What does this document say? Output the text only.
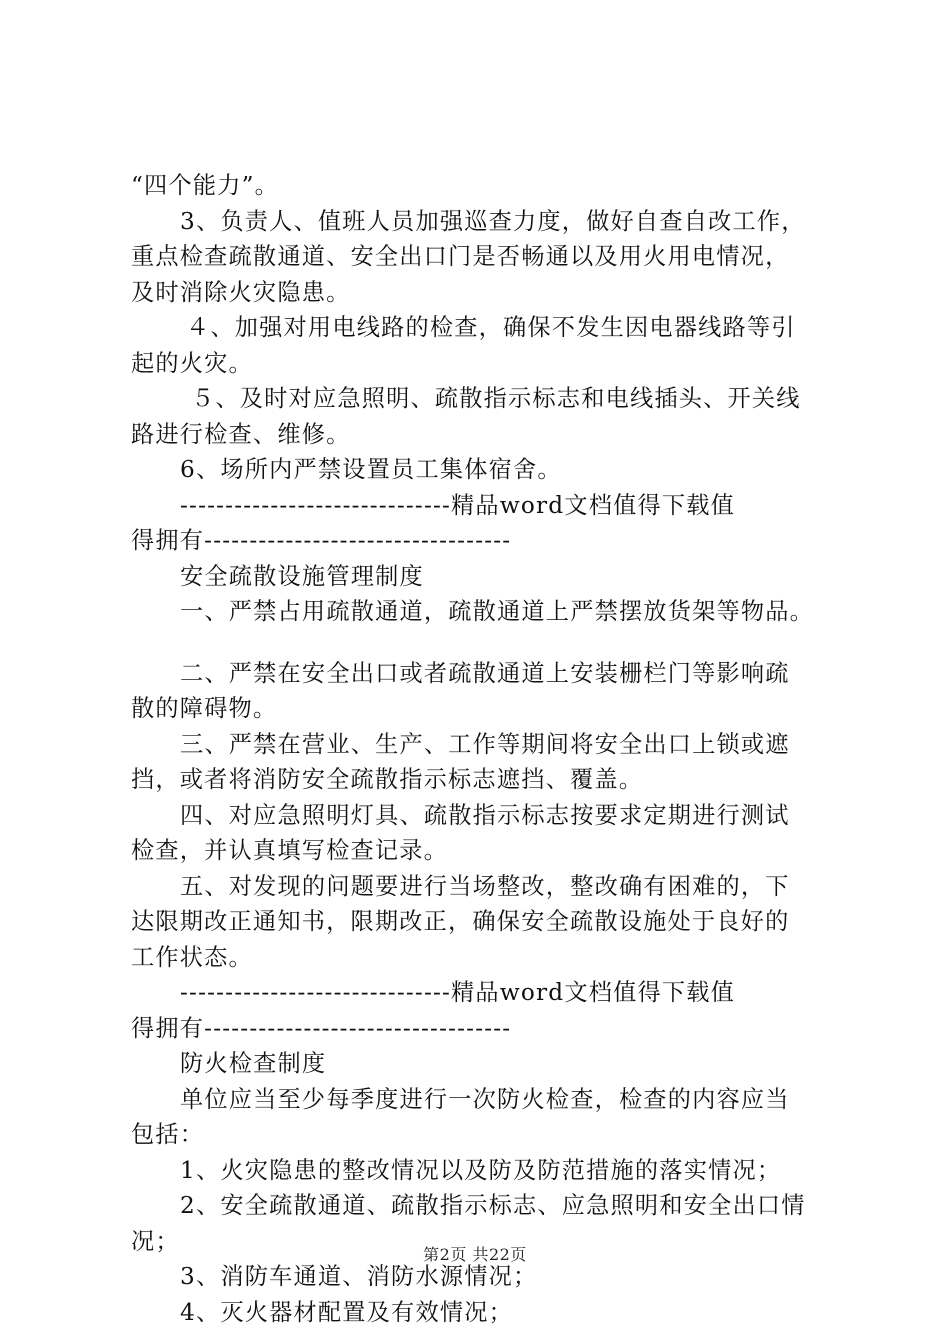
“四个能力”。
3、负责人、值班人员加强巡查力度，做好自查自改工作，
重点检查疏散通道、安全出口门是否畅通以及用火用电情况，
及时消除火灾隐患。
４、加强对用电线路的检查，确保不发生因电器线路等引
起的火灾。
５、及时对应急照明、疏散指示标志和电线插头、开关线
路进行检查、维修。
6、场所内严禁设置员工集体宿舍。
------------------------------精品word文档值得下载值
得拥有----------------------------------
安全疏散设施管理制度
一、严禁占用疏散通道，疏散通道上严禁摆放货架等物品。
二、严禁在安全出口或者疏散通道上安装栅栏门等影响疏
散的障碍物。
三、严禁在营业、生产、工作等期间将安全出口上锁或遮
挡，或者将消防安全疏散指示标志遮挡、覆盖。
四、对应急照明灯具、疏散指示标志按要求定期进行测试
检查，并认真填写检查记录。
五、对发现的问题要进行当场整改，整改确有困难的，下
达限期改正通知书，限期改正，确保安全疏散设施处于良好的
工作状态。
------------------------------精品word文档值得下载值
得拥有----------------------------------
防火检查制度
单位应当至少每季度进行一次防火检查，检查的内容应当
包括：
1、火灾隐患的整改情况以及防及防范措施的落实情况；
2、安全疏散通道、疏散指示标志、应急照明和安全出口情
况；
3、消防车通道、消防水源情况；
4、灭火器材配置及有效情况；
第2页 共22页
